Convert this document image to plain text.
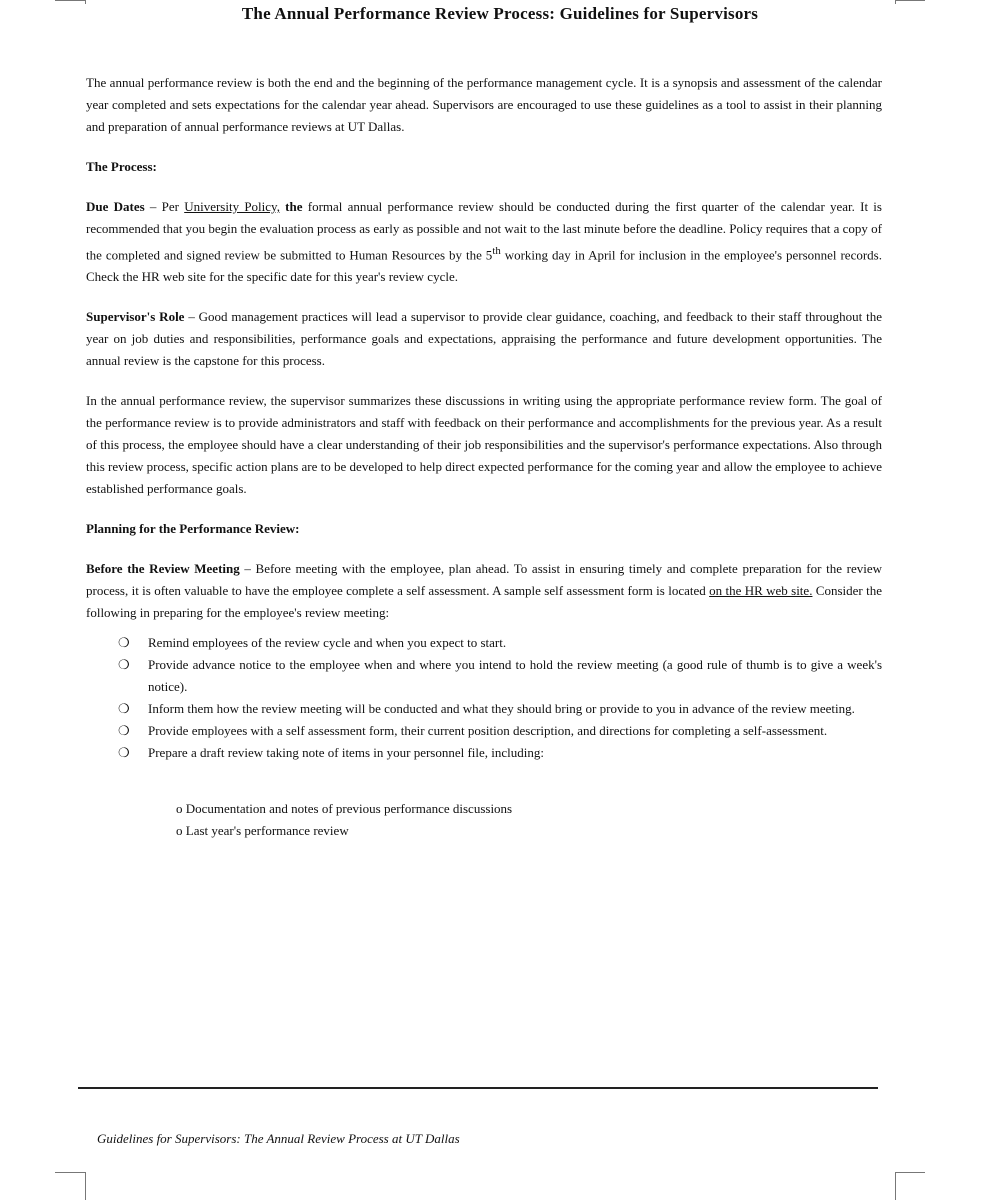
The Annual Performance Review Process: Guidelines for Supervisors

The annual performance review is both the end and the beginning of the performance management cycle. It is a synopsis and assessment of the calendar year completed and sets expectations for the calendar year ahead. Supervisors are encouraged to use these guidelines as a tool to assist in their planning and preparation of annual performance reviews at UT Dallas.

The Process:

Due Dates – Per University Policy, the formal annual performance review should be conducted during the first quarter of the calendar year. It is recommended that you begin the evaluation process as early as possible and not wait to the last minute before the deadline. Policy requires that a copy of the completed and signed review be submitted to Human Resources by the 5th working day in April for inclusion in the employee's personnel records. Check the HR web site for the specific date for this year's review cycle.

Supervisor's Role – Good management practices will lead a supervisor to provide clear guidance, coaching, and feedback to their staff throughout the year on job duties and responsibilities, performance goals and expectations, appraising the performance and future development opportunities. The annual review is the capstone for this process.

In the annual performance review, the supervisor summarizes these discussions in writing using the appropriate performance review form. The goal of the performance review is to provide administrators and staff with feedback on their performance and accomplishments for the previous year. As a result of this process, the employee should have a clear understanding of their job responsibilities and the supervisor's performance expectations. Also through this review process, specific action plans are to be developed to help direct expected performance for the coming year and allow the employee to achieve established performance goals.

Planning for the Performance Review:

Before the Review Meeting – Before meeting with the employee, plan ahead. To assist in ensuring timely and complete preparation for the review process, it is often valuable to have the employee complete a self assessment. A sample self assessment form is located on the HR web site. Consider the following in preparing for the employee's review meeting:

❍ Remind employees of the review cycle and when you expect to start.
❍ Provide advance notice to the employee when and where you intend to hold the review meeting (a good rule of thumb is to give a week's notice).
❍ Inform them how the review meeting will be conducted and what they should bring or provide to you in advance of the review meeting.
❍ Provide employees with a self assessment form, their current position description, and directions for completing a self-assessment.
❍ Prepare a draft review taking note of items in your personnel file, including:
o Documentation and notes of previous performance discussions
o Last year's performance review
Guidelines for Supervisors: The Annual Review Process at UT Dallas
